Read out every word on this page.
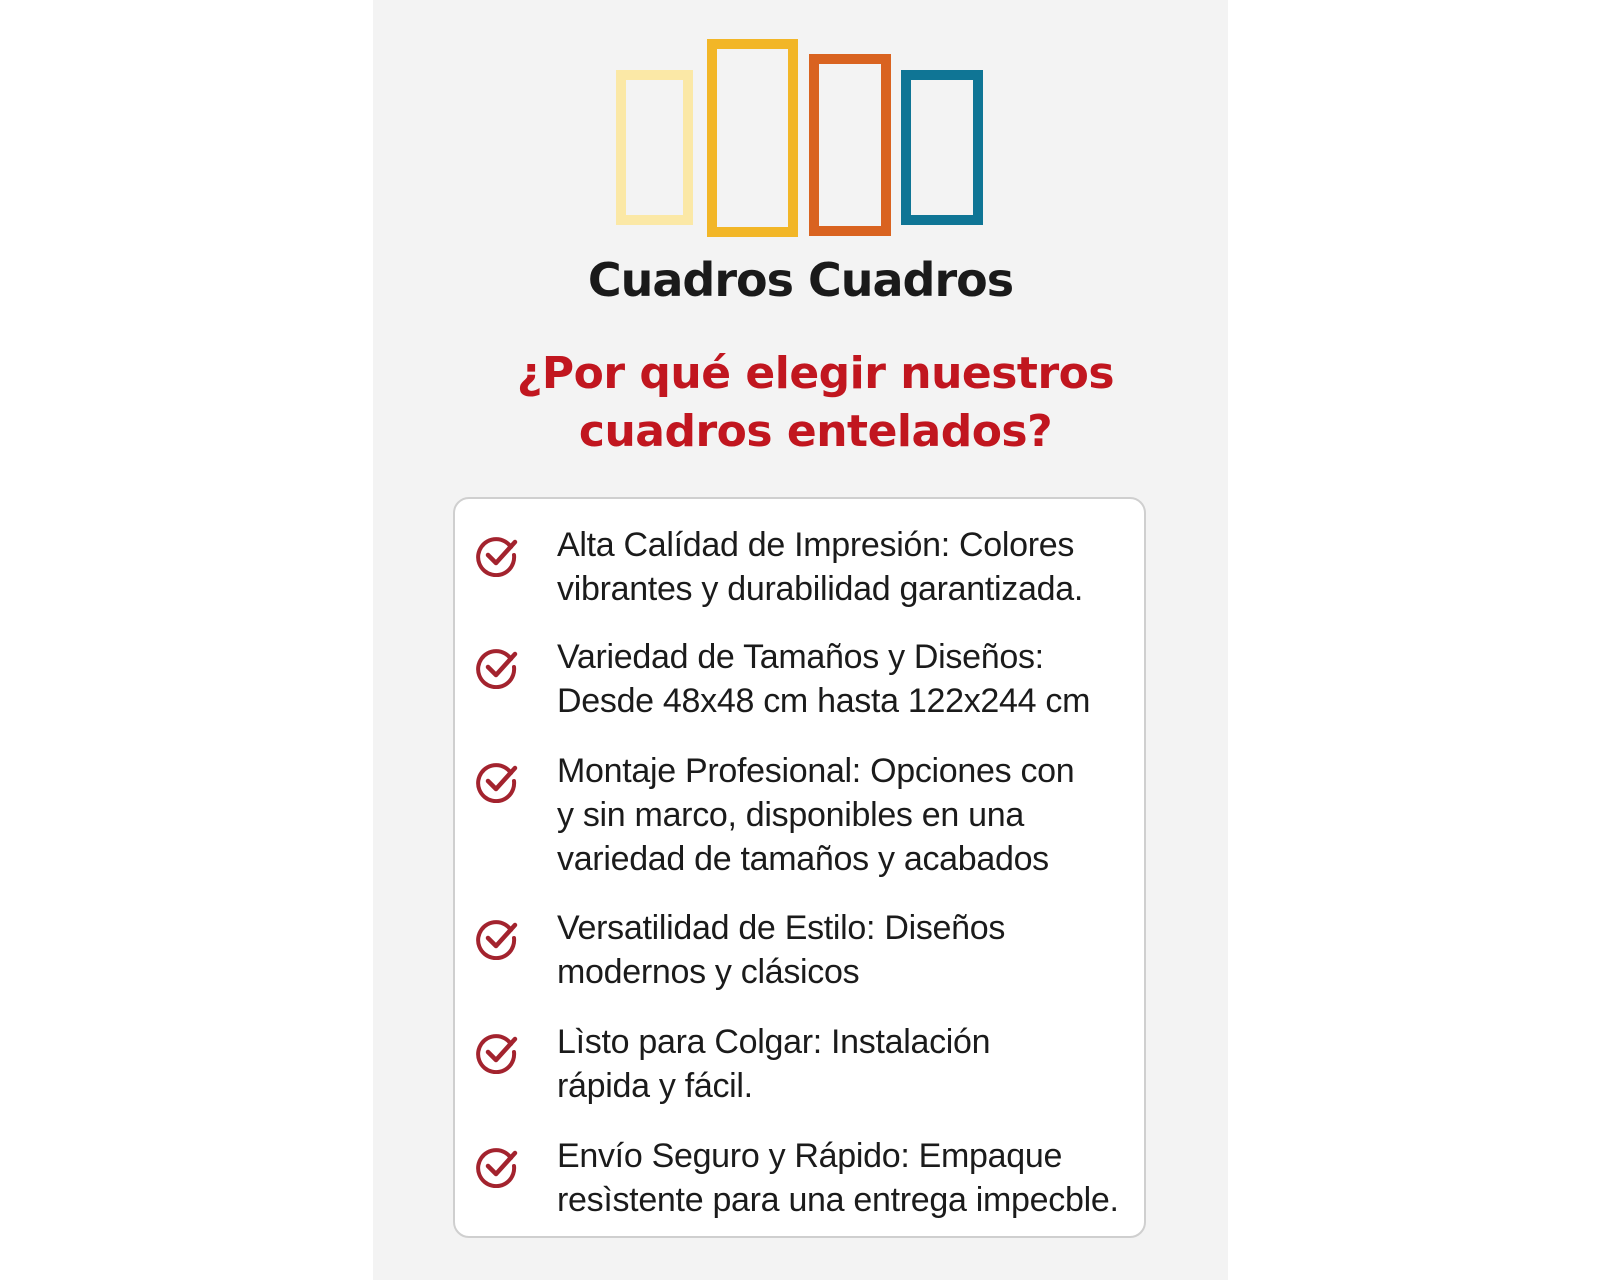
Cuadros Cuadros
¿Por qué elegir nuestros
cuadros entelados?
Alta Calídad de Impresión: Colores
vibrantes y durabilidad garantizada.
Variedad de Tamaños y Diseños:
Desde 48x48 cm hasta 122x244 cm
Montaje Profesional: Opciones con
y sin marco, disponibles en una
variedad de tamaños y acabados
Versatilidad de Estilo: Diseños
modernos y clásicos
Lìsto para Colgar: Instalación
rápida y fácil.
Envío Seguro y Rápido: Empaque
resìstente para una entrega impecble.
